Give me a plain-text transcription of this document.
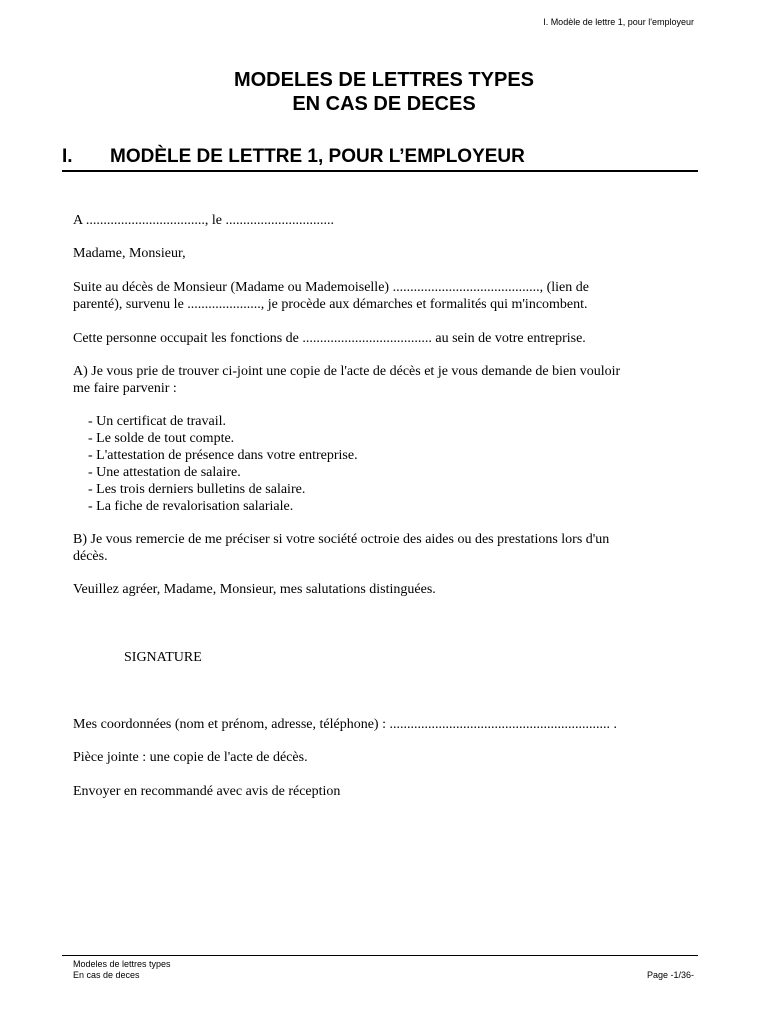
I. Modèle de lettre 1, pour l'employeur
MODELES DE LETTRES TYPES
EN CAS DE DECES
I. MODÈLE DE LETTRE 1, POUR L’EMPLOYEUR
A .................................., le ...............................
Madame, Monsieur,
Suite au décès de Monsieur (Madame ou Mademoiselle) .........................................., (lien de
parenté), survenu le ....................., je procède aux démarches et formalités qui m'incombent.
Cette personne occupait les fonctions de ..................................... au sein de votre entreprise.
A) Je vous prie de trouver ci-joint une copie de l'acte de décès et je vous demande de bien vouloir
me faire parvenir :
- Un certificat de travail.
- Le solde de tout compte.
- L'attestation de présence dans votre entreprise.
- Une attestation de salaire.
- Les trois derniers bulletins de salaire.
- La fiche de revalorisation salariale.
B) Je vous remercie de me préciser si votre société octroie des aides ou des prestations lors d'un
décès.
Veuillez agréer, Madame, Monsieur, mes salutations distinguées.
SIGNATURE
Mes coordonnées (nom et prénom, adresse, téléphone) : ............................................................... .
Pièce jointe : une copie de l'acte de décès.
Envoyer en recommandé avec avis de réception
Modeles de lettres types
En cas de deces	Page -1/36-
